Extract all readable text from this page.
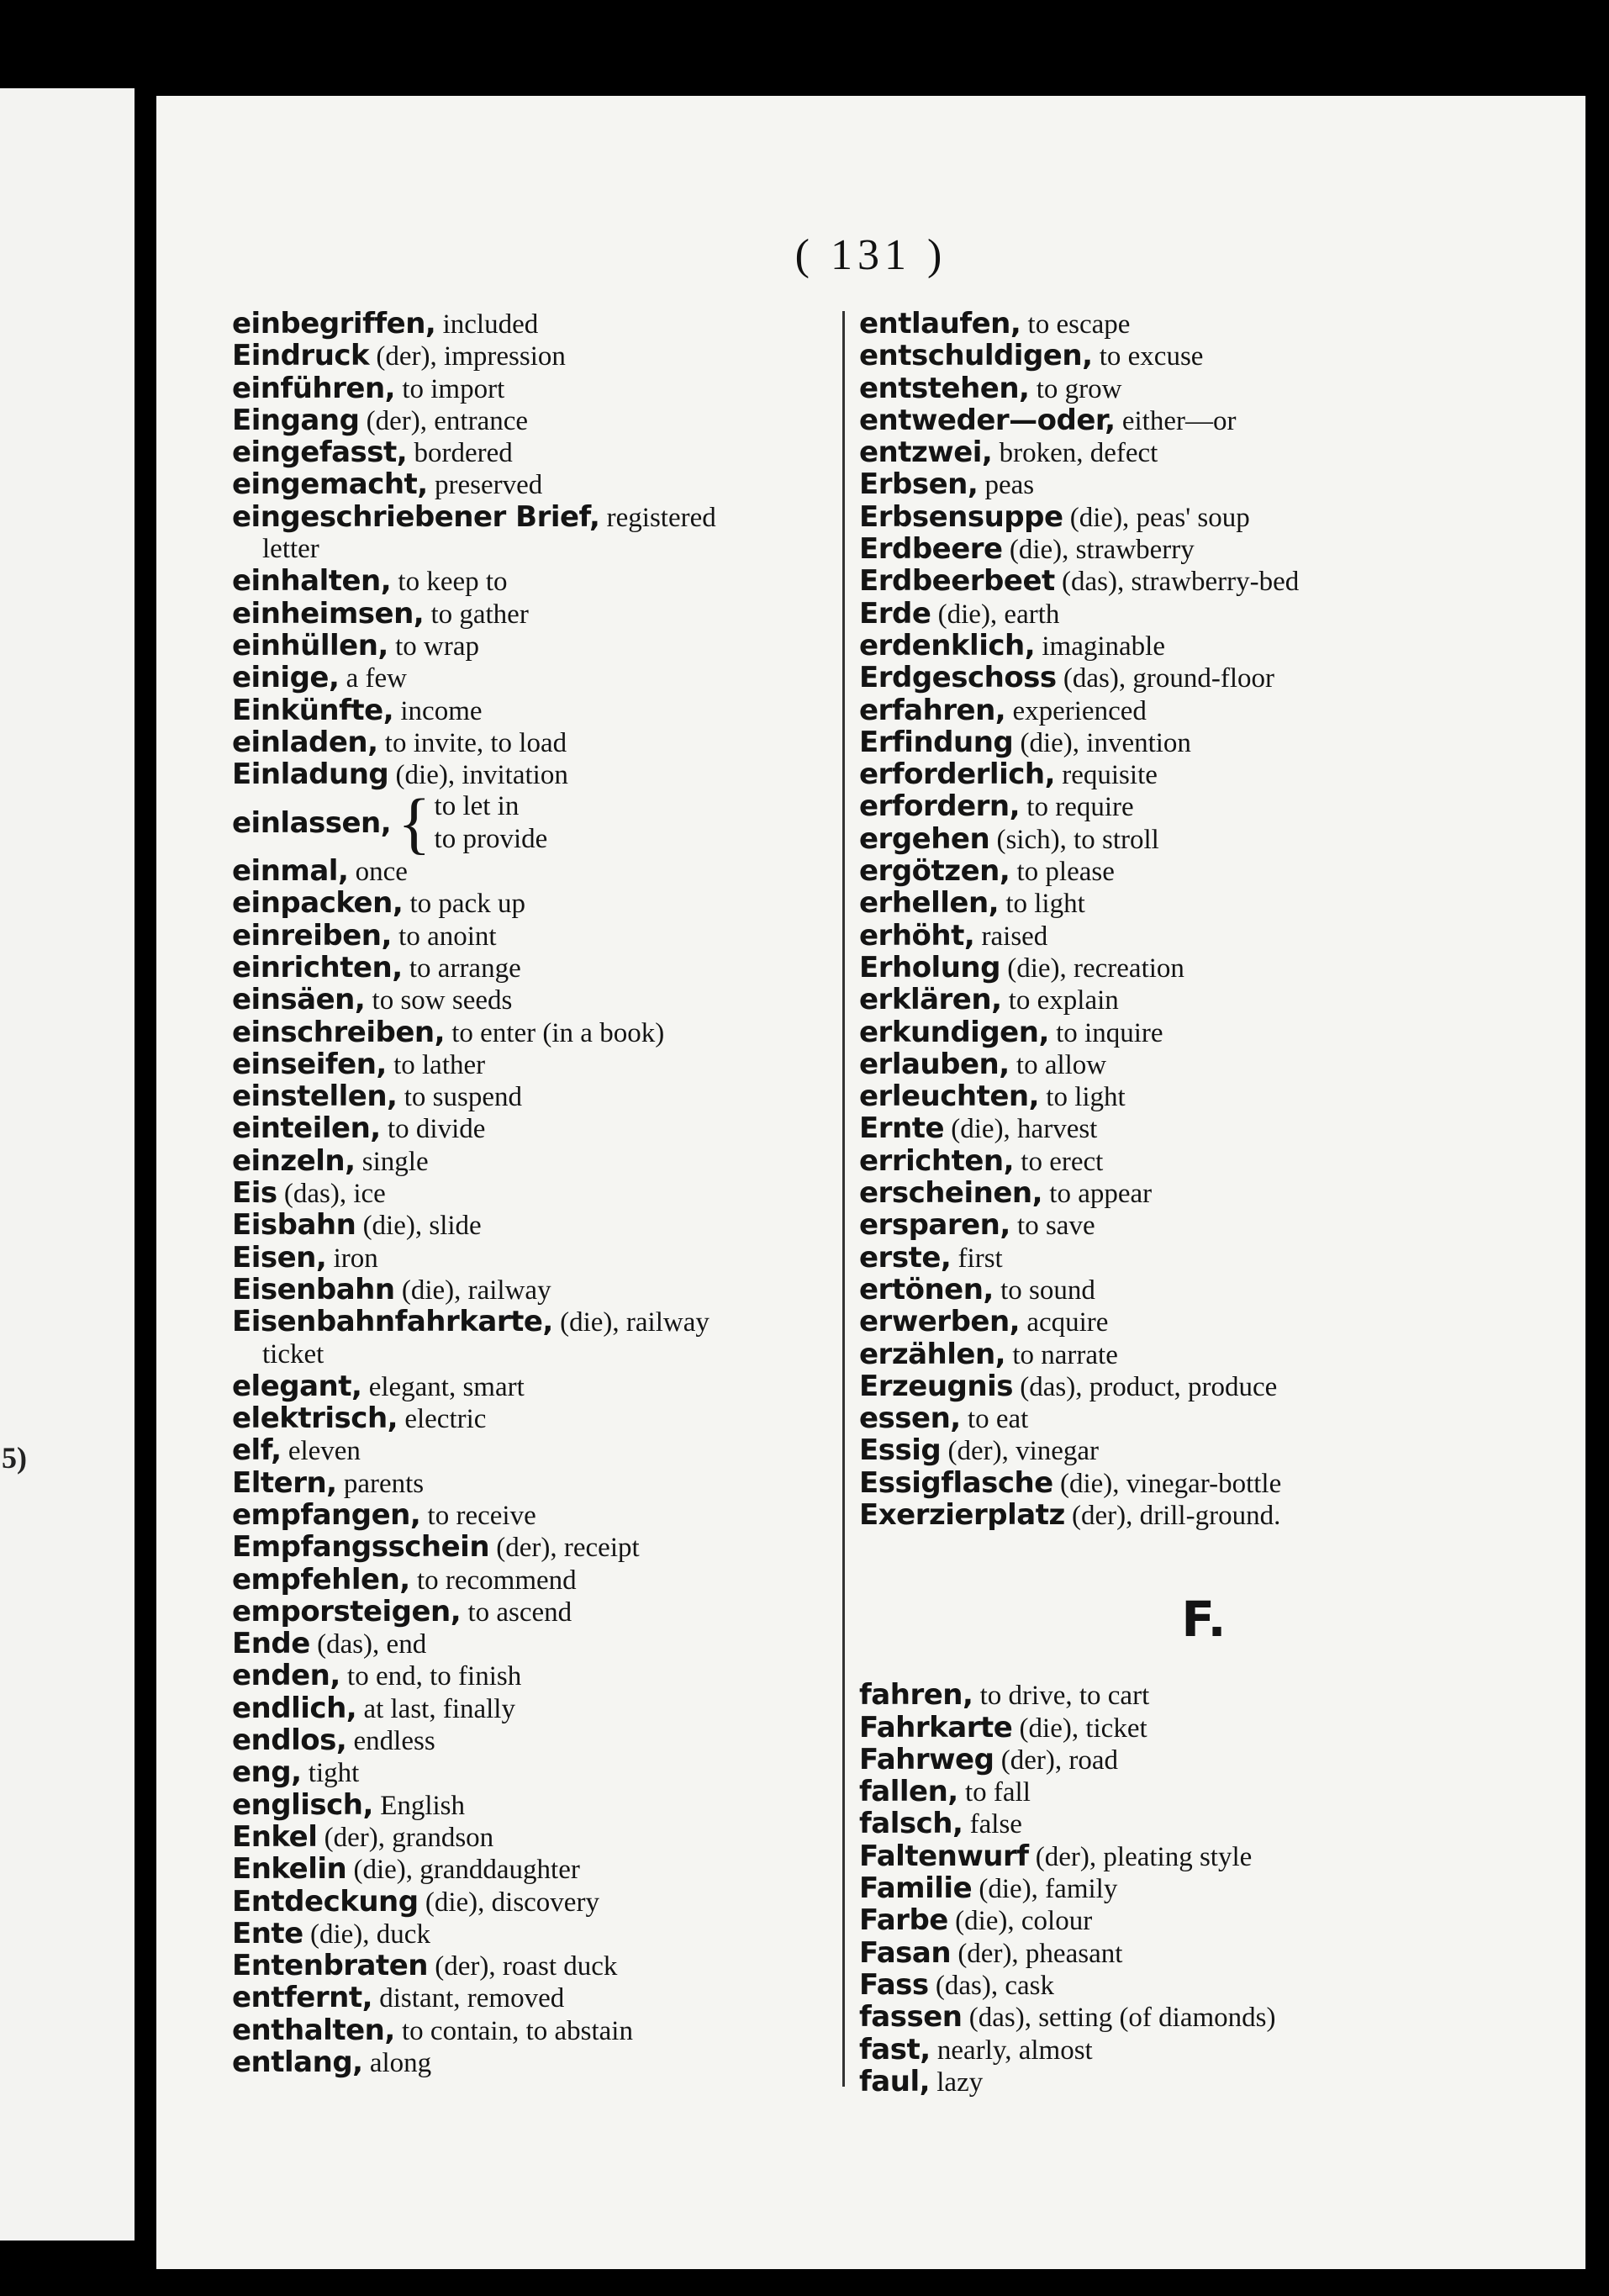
5)
( 131 )
einbegriffen, included
Eindruck (der), impression
einführen, to import
Eingang (der), entrance
eingefasst, bordered
eingemacht, preserved
eingeschriebener Brief, registered
letter
einhalten, to keep to
einheimsen, to gather
einhüllen, to wrap
einige, a few
Einkünfte, income
einladen, to invite, to load
Einladung (die), invitation
einlassen, { to let in
to provide
einmal, once
einpacken, to pack up
einreiben, to anoint
einrichten, to arrange
einsäen, to sow seeds
einschreiben, to enter (in a book)
einseifen, to lather
einstellen, to suspend
einteilen, to divide
einzeln, single
Eis (das), ice
Eisbahn (die), slide
Eisen, iron
Eisenbahn (die), railway
Eisenbahnfahrkarte, (die), railway
ticket
elegant, elegant, smart
elektrisch, electric
elf, eleven
Eltern, parents
empfangen, to receive
Empfangsschein (der), receipt
empfehlen, to recommend
emporsteigen, to ascend
Ende (das), end
enden, to end, to finish
endlich, at last, finally
endlos, endless
eng, tight
englisch, English
Enkel (der), grandson
Enkelin (die), granddaughter
Entdeckung (die), discovery
Ente (die), duck
Entenbraten (der), roast duck
entfernt, distant, removed
enthalten, to contain, to abstain
entlang, along
entlaufen, to escape
entschuldigen, to excuse
entstehen, to grow
entweder—oder, either—or
entzwei, broken, defect
Erbsen, peas
Erbsensuppe (die), peas' soup
Erdbeere (die), strawberry
Erdbeerbeet (das), strawberry-bed
Erde (die), earth
erdenklich, imaginable
Erdgeschoss (das), ground-floor
erfahren, experienced
Erfindung (die), invention
erforderlich, requisite
erfordern, to require
ergehen (sich), to stroll
ergötzen, to please
erhellen, to light
erhöht, raised
Erholung (die), recreation
erklären, to explain
erkundigen, to inquire
erlauben, to allow
erleuchten, to light
Ernte (die), harvest
errichten, to erect
erscheinen, to appear
ersparen, to save
erste, first
ertönen, to sound
erwerben, acquire
erzählen, to narrate
Erzeugnis (das), product, produce
essen, to eat
Essig (der), vinegar
Essigflasche (die), vinegar-bottle
Exerzierplatz (der), drill-ground.
F.
fahren, to drive, to cart
Fahrkarte (die), ticket
Fahrweg (der), road
fallen, to fall
falsch, false
Faltenwurf (der), pleating style
Familie (die), family
Farbe (die), colour
Fasan (der), pheasant
Fass (das), cask
fassen (das), setting (of diamonds)
fast, nearly, almost
faul, lazy
